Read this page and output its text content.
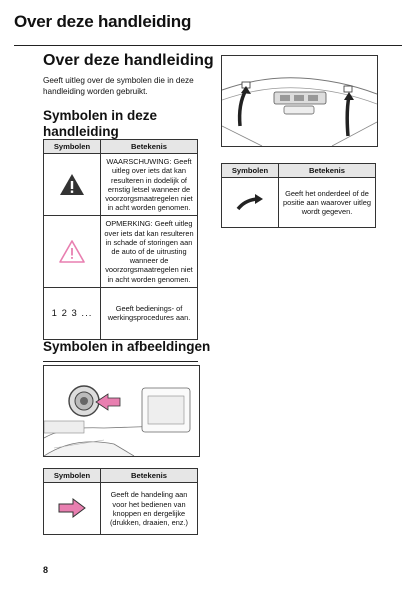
Over deze handleiding
Over deze handleiding
Geeft uitleg over de symbolen die in deze handleiding worden gebruikt.
Symbolen in deze handleiding
Symbolen	Betekenis
	WAARSCHUWING: Geeft uitleg over iets dat kan resulteren in dodelijk of ernstig letsel wanneer de voorzorgsmaatregelen niet in acht worden genomen.
	OPMERKING: Geeft uitleg over iets dat kan resulteren in schade of storingen aan de auto of de uitrusting wanneer de voorzorgsmaatregelen niet in acht worden genomen.
1 2 3 ...	Geeft bedienings- of werkingsprocedures aan.
Symbolen	Betekenis
	Geeft het onderdeel of de positie aan waarover uitleg wordt gegeven.
Symbolen in afbeeldingen
Symbolen	Betekenis
	Geeft de handeling aan voor het bedienen van knoppen en dergelijke (drukken, draaien, enz.)
8
